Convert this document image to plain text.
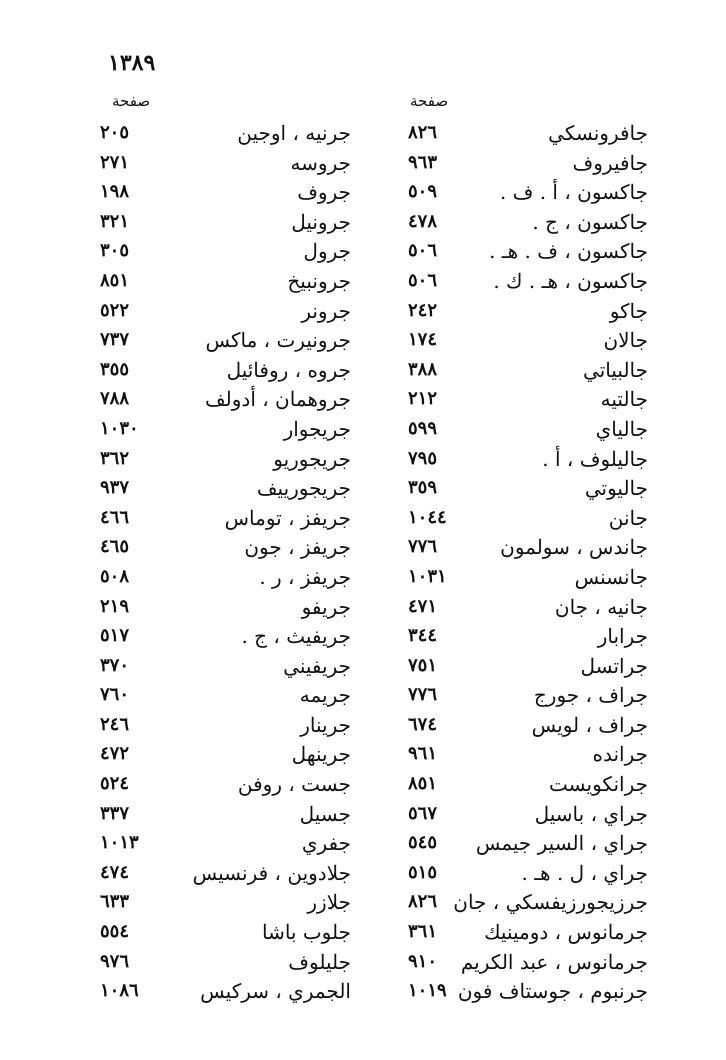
١٣٨٩
صفحة
صفحة
جافرونسكي
٨٢٦
جرنيه ، اوجين
٢٠٥
جافيروف
٩٦٣
جروسه
٢٧١
جاكسون ، أ . ف .
٥٠٩
جروف
١٩٨
جاكسون ، ج .
٤٧٨
جرونيل
٣٢١
جاكسون ، ف . هـ .
٥٠٦
جرول
٣٠٥
جاكسون ، هـ . ك .
٥٠٦
جرونبيخ
٨٥١
جاكو
٢٤٢
جرونر
٥٢٢
جالان
١٧٤
جرونيرت ، ماكس
٧٣٧
جالبياتي
٣٨٨
جروه ، روفائيل
٣٥٥
جالتيه
٢١٢
جروهمان ، أدولف
٧٨٨
جالياي
٥٩٩
جريجوار
١٠٣٠
جاليلوف ، أ .
٧٩٥
جريجوريو
٣٦٢
جاليوتي
٣٥٩
جريجورييف
٩٣٧
جانن
١٠٤٤
جريفز ، توماس
٤٦٦
جاندس ، سولمون
٧٧٦
جريفز ، جون
٤٦٥
جانسنس
١٠٣١
جريفز ، ر .
٥٠٨
جانيه ، جان
٤٧١
جريفو
٢١٩
جرابار
٣٤٤
جريفيث ، ج .
٥١٧
جراتسل
٧٥١
جريفيني
٣٧٠
جراف ، جورج
٧٧٦
جريمه
٧٦٠
جراف ، لويس
٦٧٤
جرينار
٢٤٦
جرانده
٩٦١
جرينهل
٤٧٢
جرانكويست
٨٥١
جست ، روفن
٥٢٤
جراي ، باسيل
٥٦٧
جسيل
٣٣٧
جراي ، السير جيمس
٥٤٥
جفري
١٠١٣
جراي ، ل . هـ .
٥١٥
جلادوين ، فرنسيس
٤٧٤
جرزيجورزيفسكي ، جان
٨٢٦
جلازر
٦٣٣
جرمانوس ، دومينيك
٣٦١
جلوب باشا
٥٥٤
جرمانوس ، عبد الكريم
٩١٠
جليلوف
٩٧٦
جرنبوم ، جوستاف فون
١٠١٩
الجمري ، سركيس
١٠٨٦
